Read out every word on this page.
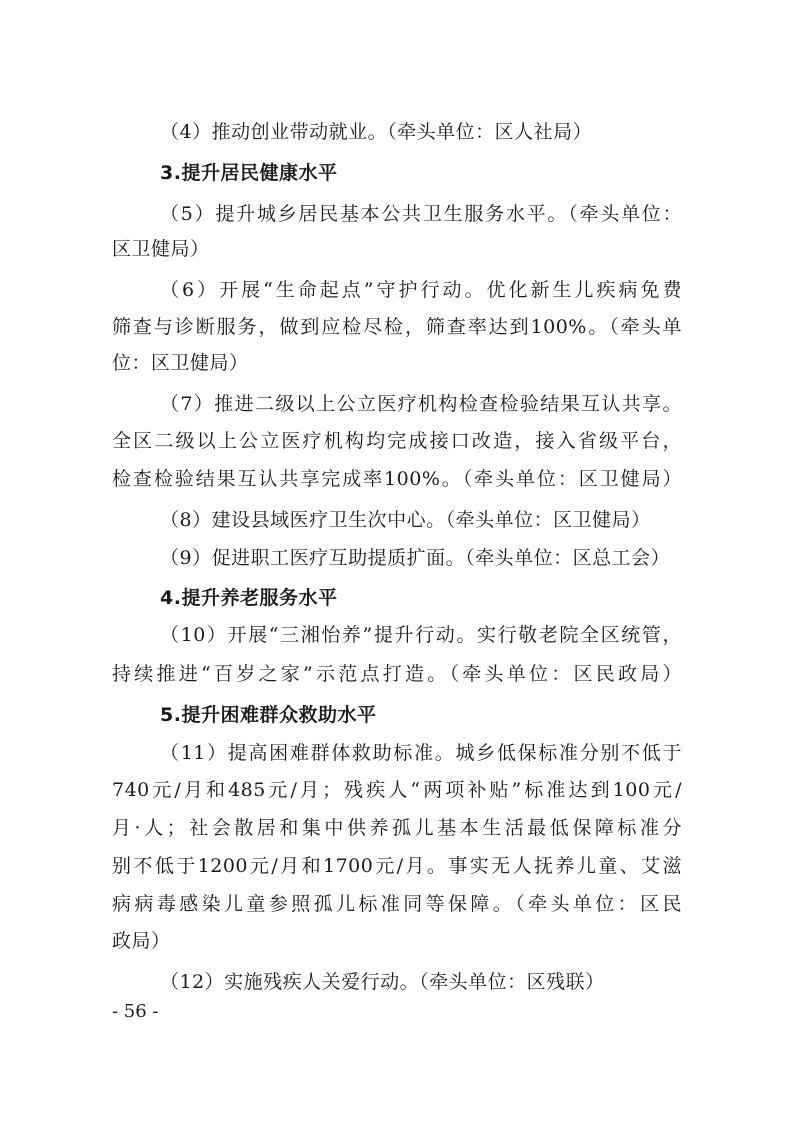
（4）推动创业带动就业。（牵头单位：区人社局）
3.提升居民健康水平
（5）提升城乡居民基本公共卫生服务水平。（牵头单位：
区卫健局）
（6）开展“生命起点”守护行动。优化新生儿疾病免费
筛查与诊断服务，做到应检尽检，筛查率达到100%。（牵头单
位：区卫健局）
（7）推进二级以上公立医疗机构检查检验结果互认共享。
全区二级以上公立医疗机构均完成接口改造，接入省级平台，
检查检验结果互认共享完成率100%。（牵头单位：区卫健局）
（8）建设县域医疗卫生次中心。（牵头单位：区卫健局）
（9）促进职工医疗互助提质扩面。（牵头单位：区总工会）
4.提升养老服务水平
（10）开展“三湘怡养”提升行动。实行敬老院全区统管，
持续推进“百岁之家”示范点打造。（牵头单位：区民政局）
5.提升困难群众救助水平
（11）提高困难群体救助标准。城乡低保标准分别不低于
740元/月和485元/月；残疾人“两项补贴”标准达到100元/
月·人；社会散居和集中供养孤儿基本生活最低保障标准分
别不低于1200元/月和1700元/月。事实无人抚养儿童、艾滋
病病毒感染儿童参照孤儿标准同等保障。（牵头单位：区民
政局）
（12）实施残疾人关爱行动。（牵头单位：区残联）
- 56 -
